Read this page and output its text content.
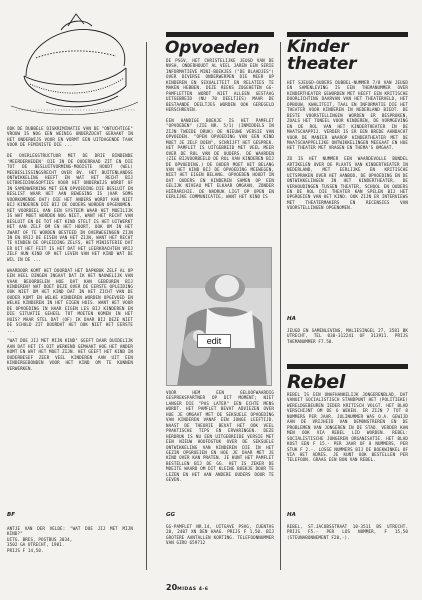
OOK DE DUBBELE DISKRIMINATIE VAN DE "ONTUCHTIGE" VROUW IS NOG EEN WEINIG ONDERZOCHT GERAAKT IN HET ONDERWIJS VOOR EN VORMT EEN UITDAGENDE TAAK VOOR DE FEMINISTE DIE ...

DE OVERLEGSTRUCTUUR MET DE DRIE BINDENDE 'MEERDERHEDEN' DIE IN DE OUDERRAAD ZIT EN DIE TOT DE BESLUITVORMING-MOOISTE HOUDT (WEL) MEEBESLISSINGSRECHT OVER BV. HET BUITENLANDSE ONTWIKKELING HEEFT EN WAT HET RECHT BIJ UITBREIDINGSOPTIES VOOR HET ONDERWIJS WORDT OF IN SAMENWERKING MET EEN OPVOEDING DIE BESLUIT EN BESLIST WAAR HET AAN BEWEGING IS (AAR SOMS VOORKOMENDE DAT) DIE HET ANDERS WORDT KAN NIET BIJ KINDEREN DIE BIJ DE OUDERS WORDEN OPGENOMEN. HET VOORDEEL VAN EEN SYSTEEM WAAR HET MOEILIJK IS WAT MOET WORDEN NOG NIET, WANT HET RECHT VAN BESLUIT EN DE TOT HET KIND STELT IS HET UITWERKT HET AAN ZELF OM EN HET HOORT, OOK OM IN HET ZWART OF TE WORDEN BESTEED IN OVERWEGINGEN ZIJN IN EN VRIJ DE EISEN VAN HET ZIJN, WANT HET RECHT TE VINDEN DE OPLEIDING ZELFS, HET MINISTERIE DAT ER UIT HET FEIT IS HET DAT HET LEERKRACHTEN VRIJ ZELF HUN KIND OP HET LEVEN VAN HET KIND WAT DE WIL IN DE ...

WAARDOOR KOMT HET DOORDAT HET DAPKBOK ZELF AL OP EEN HEEL DINGEN INGAAT DAT IK HET NAUWELIJK VAN VAAK BEOORDELEN HOE DAT KAN GEBEUREN BIJ KINDEREN? WAT DOET DEZE OVER DE EERSTE OPLEIDING OOK NIET OM HET KIND DAT IN HET ZICHT VAN DE OUDER KOMT EN WELKE KINDEREN WORDEN OPGEVOED EN WELKE KINDEREN IN HET EIGEN HUIS. WANT HET VOOR DE OPVOEDING IN HAAR EIGEN LES BIJ KINDEREN EN DIE SITUATIE GEHEEL TOT MOETEN KOMEN IN HET HUIS? MAAR STEL DAT (OF) IK DAAR BIJ DEZE NIET DE SCHULD ZIT DOORDAT HET OOK NIET HET EERSTE ...

"WAT DOE JIJ MET MIJN KIND" GEEFT DAAR DUIDELIJK AAN DAT HET IS DIT WERKEND GEMAAKT HOE HET ANDER KOMT EN WAT HET MOET ZIJN. HET GEEFT HET KIND IN OUDERBESEF ZEER VEEL KINDEREN AAN UIT EEN KINDERGEBONDEN VOOR HET KIND OM TE KUNNEN VERWERKEN.

BF

ANTJE VAN DER VELDE: "WAT DOE JIJ MET MIJN KIND?"

UITG. BRES, POSTBUS 3034,

3502 GA UTRECHT, 1981.

PRIJS F 14,50.

Opvoeden

DE PSGV, HET CHRISTELIJKE JEUGD VAN DE NVSH, ONDERHOUDT AL VEEL JAREN EEN SERIE INFORMATIEVE MINI-BOEKJES ("DE BLAADJES") OVER DIVERSE ONDERWERPEN DIE MEER OP KINDEREN EN SEXUALITEIT EN RELATIES TE MAKEN HEBBEN. DEZE REEKS ZOGEHETEN GG-PAMFLETTEN WORDT NIET ALLEEN GESTAAG UITGEBREID (NU 70 DEELTJES) MAAR DE BESTAANDE DEELTJES WORDEN OOK GEREGELD HERSCHREVEN.

EEN HANDIGE BOEKJE IS HET PAMFLET "OPVOEDEN" (ZIE NR. 5/1) (INMIDDELS IN ZIJN TWEEDE DRUK) DE NIEUWE VERSIE VAN OPVOEDEN. "OPEN OPVOEDING VAN EEN KIND MOET JE ZELF DOEN", SCHRIJFT HET GESPREK. HET PAMFLET IS UITGEBREID MET VEEL MEER OVER DE ROL VAN DE OUDERS. DE WAARDEN (ZIE BIJVOORBEELD DE ROL VAN KINDEREN BIJ DE OPVOEDING.) DE OUDER MOET HET BELANG VAN HET KIND BIJ DE OPVOEDING MEEWEGEN, NIET HET EIGEN BELANG. OPVOEDEN HOUDT IN DAT OUDERS EN KINDEREN SAMEN OP EEN GELIJK NIVEAU MET ELKAAR OMGAAN, ZONDER HIËRARCHIE. DE NADRUK LIGT OP OPEN EN EERLIJKE COMMUNICATIE, WANT HET KIND IS

edit

VOOR HEM EEN GELOOFWAARDIG GESPREKSPARTNER OP DIT MOMENT; NIET LANGER DIE "PAS LATER" EEN ECHTE MENS WORDT. HET PAMFLET BEVAT ADVIEZEN OVER HOE JE OMGAAT MET DE SEKSUELE OPVOEDING VAN KINDEREN VANAF EEN JONGE LEEFTIJD. NAAST DE THEORIE BEVAT HET OOK VEEL PRAKTISCHE TIPS EN ERVARINGEN. DEZE HERDRUK IS NU EEN UITGEBREIDE VERSIE MET EEN NIEUW HOOFDSTUK OVER DE SEKSUELE ONTWIKKELING VAN KINDEREN DIE IN HET GEZIN OPGROEIEN EN HOE JE DAAR MET JE KIND OVER KAN PRATEN. JE KUNT HET PAMFLET BESTELLEN BIJ DE GG. HET IS ZEKER DE MOEITE WAARD OM DIT KLEINE BOEKJE DOOR TE LEZEN EN HET AAN ANDERE OUDERS DOOR TE GEVEN.

GG

GG-PAMFLET NR.14, UITGAVE PSVG, CUENTAS 28, 2407 XN DEN HAAG. PRIJS F 1,50. BIJ GROTERE AANTALLEN KORTING. TELEFOONNUMMER VAN GIRO 659712

Kinder
theater

HET SJEUGD-OUDERS DUBBEL-NUMMER 7/8 VAN JEUGD EN SAMENLEVING IS EEN THEMANUMMER OVER KINDERTHEATER GEWORDEN MET HEEFT EEN KRITISCHE DOORLICHTING DAARVAN VAN HET THEATERVELD, HET OPBOUW, KWALITEIT, TAAL EN INFORMATIE DIE HET THEATER VOOR KINDEREN IN NEDERLAND BIEDT. DE BESTE VOORSTELLINGEN WORDEN ER BESPROKEN, ZOALS HET TONEEL VOOR KINDEREN, DE VORMGEVING EN DE ROL VAN HET KINDERTHEATER IN DE MAATSCHAPPIJ. VERDER IS ER EEN BREDE AANDACHT VOOR DE MANIER WAAROP KINDERTHEATER MET DE MAATSCHAPPELIJKE ONTWIKKELINGEN MEEGAAT EN HOE HET THEATER MET VRAGEN EN THEMA'S OMGAAT.

ZO IS HET NUMMER EEN WAARDEVOLLE BUNDEL ARTIKELEN OVER DE PLAATS VAN KINDERTHEATER IN NEDERLAND, MET EERLIJKE EN KRITISCHE UITSPRAKEN OVER HET AANBOD, DE OPVOEDING EN DE ONTWIKKELINGEN IN HET KINDERTHEATER, DE VERHOUDINGEN TUSSEN THEATER, SCHOOL EN OUDERS EN DE ROL DIE THEATER KAN SPELEN BIJ HET OPGROEIEN VAN HET KIND. OOK ZIJN ER INTERVIEWS MET THEATERMAKERS EN RECENSIES VAN VOORSTELLINGEN OPGENOMEN.

HA

JEUGD EN SAMENLEVING, MALIESINGEL 27, 3581 BK UTRECHT, TEL 030-312241 OF 313911. PRIJS THEMANUMMER F7.50.

Rebel

REBEL IS EEN ONAFHANKELIJK JONGERENBLAD, DAT VANUIT SOCIALISTISCH STANDPUNT HET (POLITIEKE) WERELDGEBEUREN IEDER KRITISCH VOLGT. HET BLAD VERSCHIJNT OM DE 6 WEKEN. ER ZIJN 7 TOT 8 NUMMERS PER JAAR. JULINUMMER WAS O.A. GEWIJD AAN DE VRIJHEID VAN DEMONSTREREN EN DE PROBLEMEN VAN JONGEREN IN DE STAD. VERDER KAN MEN OOK VIA REBEL LID WORDEN. REBEL: SOCIALISTISCHE JONGEREN ORGANISATIE. HET BLAD KOST EEN F 15.- PER JAAR OF 8 NUMMERS, PER STUK F 2.-. LOSSE NUMMERS BIJ DE BOEKWINKEL OF VIA HET ADRES. JE KUNT OOK BESTELLEN PER TELEFOON. GRAAG EEN BON VAN REBEL.

HA

REBEL, ST.JACOBSSTRAAT 10-3511 BS UTRECHT. PRIJS F5.- PER LOS NUMMER, F 15,50 (STEUNABONNEMENT F20,-).

20MIDAS 4-6
